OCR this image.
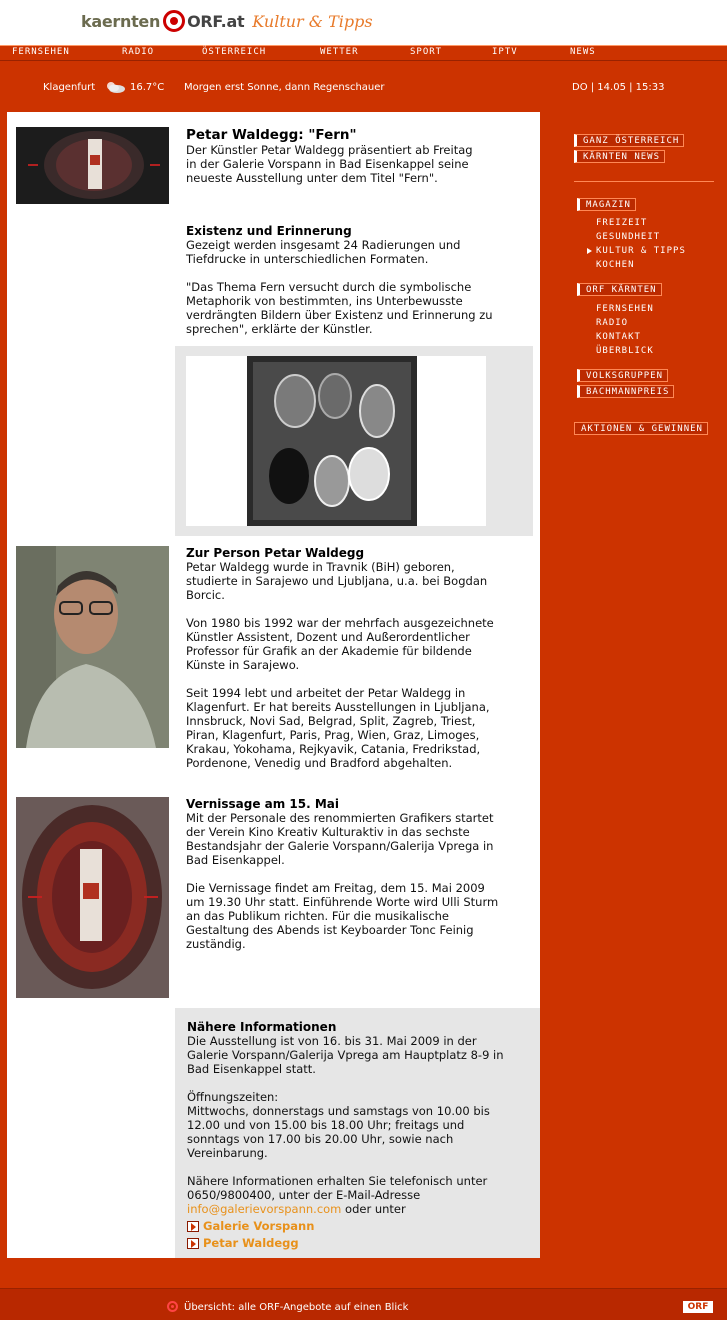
kaernten ORF.at Kultur & Tipps
FERNSEHEN	RADIO	ÖSTERREICH	WETTER	SPORT	IPTV	NEWS
Klagenfurt	16.7°C Morgen erst Sonne, dann Regenschauer	DO | 14.05 | 15:33
Petar Waldegg: "Fern"

Der Künstler Petar Waldegg präsentiert ab Freitag in der Galerie Vorspann in Bad Eisenkappel seine neueste Ausstellung unter dem Titel "Fern".

Existenz und Erinnerung

Gezeigt werden insgesamt 24 Radierungen und Tiefdrucke in unterschiedlichen Formaten.

"Das Thema Fern versucht durch die symbolische Metaphorik von bestimmten, ins Unterbewusste verdrängten Bildern über Existenz und Erinnerung zu sprechen", erklärte der Künstler.

Zur Person Petar Waldegg

Petar Waldegg wurde in Travnik (BiH) geboren, studierte in Sarajewo und Ljubljana, u.a. bei Bogdan Borcic.

Von 1980 bis 1992 war der mehrfach ausgezeichnete Künstler Assistent, Dozent und Außerordentlicher Professor für Grafik an der Akademie für bildende Künste in Sarajewo.

Seit 1994 lebt und arbeitet der Petar Waldegg in Klagenfurt. Er hat bereits Ausstellungen in Ljubljana, Innsbruck, Novi Sad, Belgrad, Split, Zagreb, Triest, Piran, Klagenfurt, Paris, Prag, Wien, Graz, Limoges, Krakau, Yokohama, Rejkyavik, Catania, Fredrikstad, Pordenone, Venedig und Bradford abgehalten.

Vernissage am 15. Mai

Mit der Personale des renommierten Grafikers startet der Verein Kino Kreativ Kulturaktiv in das sechste Bestandsjahr der Galerie Vorspann/Galerija Vprega in Bad Eisenkappel.

Die Vernissage findet am Freitag, dem 15. Mai 2009 um 19.30 Uhr statt. Einführende Worte wird Ulli Sturm an das Publikum richten. Für die musikalische Gestaltung des Abends ist Keyboarder Tonc Feinig zuständig.

Nähere Informationen

Die Ausstellung ist von 16. bis 31. Mai 2009 in der Galerie Vorspann/Galerija Vprega am Hauptplatz 8-9 in Bad Eisenkappel statt.

Öffnungszeiten:

Mittwochs, donnerstags und samstags von 10.00 bis 12.00 und von 15.00 bis 18.00 Uhr; freitags und sonntags von 17.00 bis 20.00 Uhr, sowie nach Vereinbarung.

Nähere Informationen erhalten Sie telefonisch unter 0650/9800400, unter der E-Mail-Adresse info@galerievorspann.com oder unter

Galerie Vorspann
Petar Waldegg
GANZ ÖSTERREICH
KÄRNTEN NEWS
MAGAZIN
FREIZEIT
GESUNDHEIT
KULTUR & TIPPS
KOCHEN
ORF KÄRNTEN
FERNSEHEN
RADIO
KONTAKT
ÜBERBLICK
VOLKSGRUPPEN
BACHMANNPREIS
AKTIONEN & GEWINNEN
Übersicht: alle ORF-Angebote auf einen Blick	ORF
